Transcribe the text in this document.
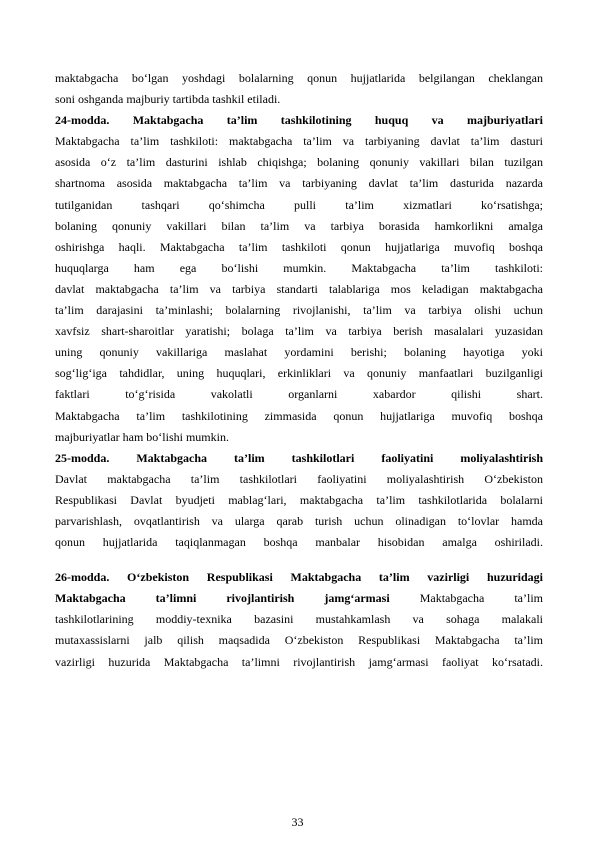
maktabgacha bo‘lgan yoshdagi bolalarning qonun hujjatlarida belgilangan cheklangan
soni oshganda majburiy tartibda tashkil etiladi.
24-modda. Maktabgacha ta’lim tashkilotining huquq va majburiyatlari
Maktabgacha ta’lim tashkiloti: maktabgacha ta’lim va tarbiyaning davlat ta’lim dasturi
asosida o‘z ta’lim dasturini ishlab chiqishga; bolaning qonuniy vakillari bilan tuzilgan
shartnoma asosida maktabgacha ta’lim va tarbiyaning davlat ta’lim dasturida nazarda
tutilganidan tashqari qo‘shimcha pulli ta’lim xizmatlari ko‘rsatishga;
bolaning qonuniy vakillari bilan ta’lim va tarbiya borasida hamkorlikni amalga
oshirishga haqli. Maktabgacha ta’lim tashkiloti qonun hujjatlariga muvofiq boshqa
huquqlarga ham ega bo‘lishi mumkin. Maktabgacha ta’lim tashkiloti:
davlat maktabgacha ta’lim va tarbiya standarti talablariga mos keladigan maktabgacha
ta’lim darajasini ta’minlashi; bolalarning rivojlanishi, ta’lim va tarbiya olishi uchun
xavfsiz shart-sharoitlar yaratishi; bolaga ta’lim va tarbiya berish masalalari yuzasidan
uning qonuniy vakillariga maslahat yordamini berishi; bolaning hayotiga yoki
sog‘lig‘iga tahdidlar, uning huquqlari, erkinliklari va qonuniy manfaatlari buzilganligi
faktlari to‘g‘risida vakolatli organlarni xabardor qilishi shart.
Maktabgacha ta’lim tashkilotining zimmasida qonun hujjatlariga muvofiq boshqa
majburiyatlar ham bo‘lishi mumkin.
25-modda. Maktabgacha ta’lim tashkilotlari faoliyatini moliyalashtirish
Davlat maktabgacha ta’lim tashkilotlari faoliyatini moliyalashtirish O‘zbekiston
Respublikasi Davlat byudjeti mablag‘lari, maktabgacha ta’lim tashkilotlarida bolalarni
parvarishlash, ovqatlantirish va ularga qarab turish uchun olinadigan to‘lovlar hamda
qonun hujjatlarida taqiqlanmagan boshqa manbalar hisobidan amalga oshiriladi.
26-modda. O‘zbekiston Respublikasi Maktabgacha ta’lim vazirligi huzuridagi
Maktabgacha ta’limni rivojlantirish jamg‘armasi Maktabgacha ta’lim
tashkilotlarining moddiy-texnika bazasini mustahkamlash va sohaga malakali
mutaxassislarni jalb qilish maqsadida O‘zbekiston Respublikasi Maktabgacha ta’lim
vazirligi huzurida Maktabgacha ta’limni rivojlantirish jamg‘armasi faoliyat ko‘rsatadi.
33
